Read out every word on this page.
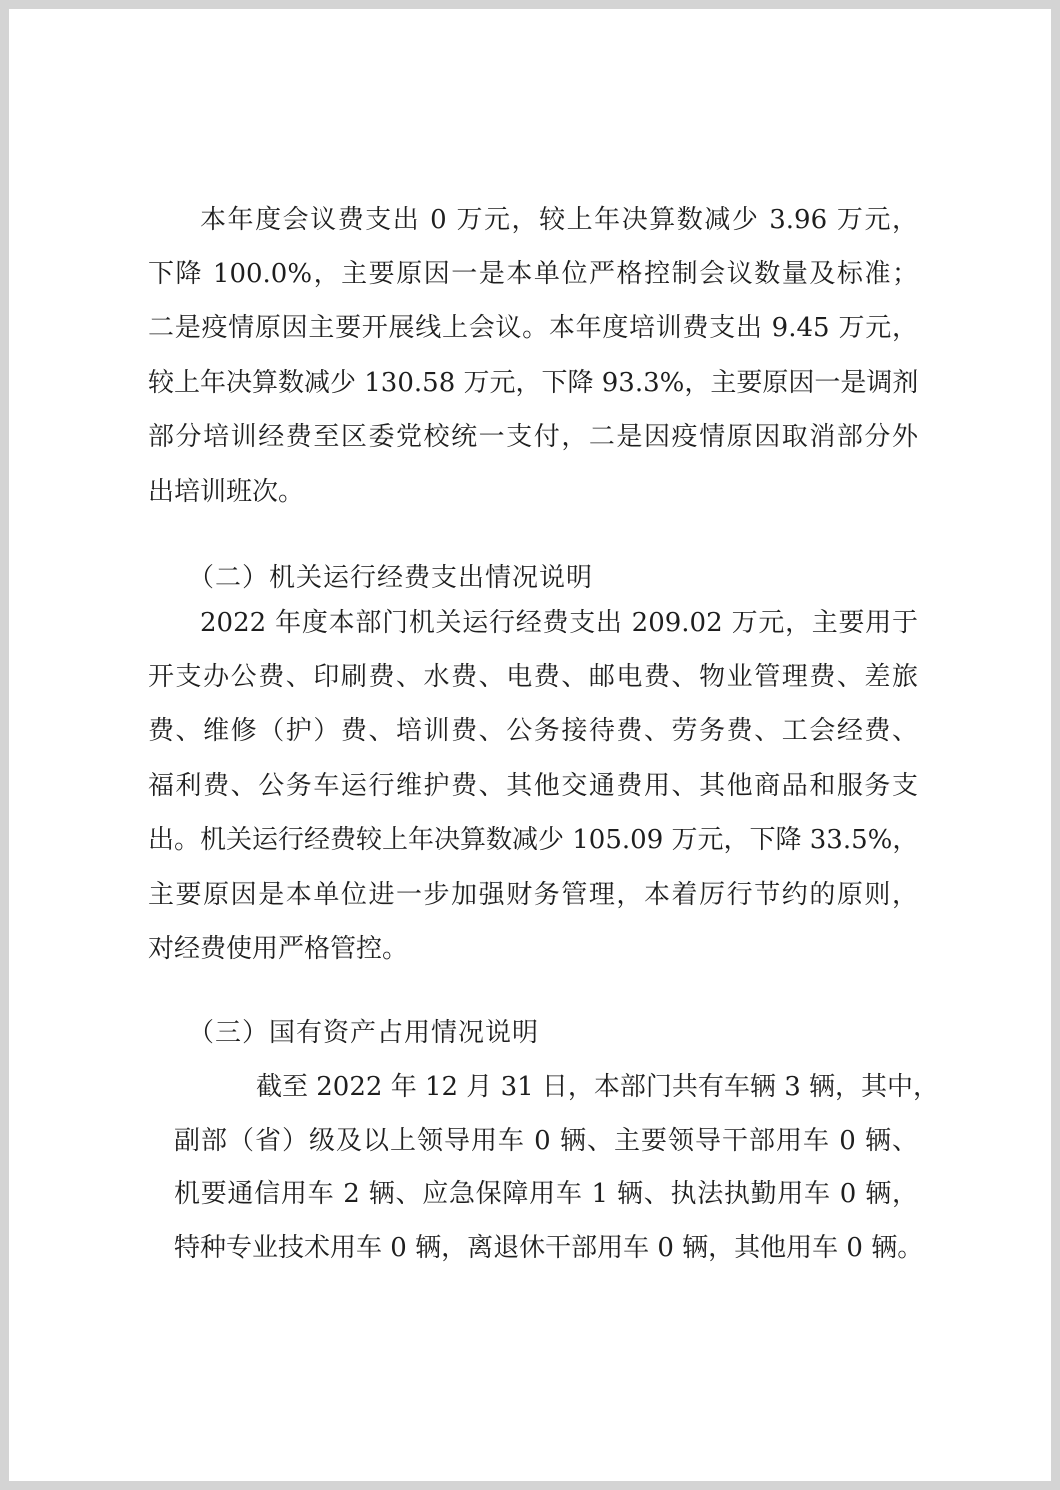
本年度会议费支出 0 万元，较上年决算数减少 3.96 万元，
下降 100.0%，主要原因一是本单位严格控制会议数量及标准；
二是疫情原因主要开展线上会议。本年度培训费支出 9.45 万元，
较上年决算数减少 130.58 万元，下降 93.3%，主要原因一是调剂
部分培训经费至区委党校统一支付，二是因疫情原因取消部分外
出培训班次。
（二）机关运行经费支出情况说明
2022 年度本部门机关运行经费支出 209.02 万元，主要用于
开支办公费、印刷费、水费、电费、邮电费、物业管理费、差旅
费、维修（护）费、培训费、公务接待费、劳务费、工会经费、
福利费、公务车运行维护费、其他交通费用、其他商品和服务支
出。机关运行经费较上年决算数减少 105.09 万元，下降 33.5%，
主要原因是本单位进一步加强财务管理，本着厉行节约的原则，
对经费使用严格管控。
（三）国有资产占用情况说明
截至 2022 年 12 月 31 日，本部门共有车辆 3 辆，其中，
副部（省）级及以上领导用车 0 辆、主要领导干部用车 0 辆、
机要通信用车 2 辆、应急保障用车 1 辆、执法执勤用车 0 辆，
特种专业技术用车 0 辆，离退休干部用车 0 辆，其他用车 0 辆。
